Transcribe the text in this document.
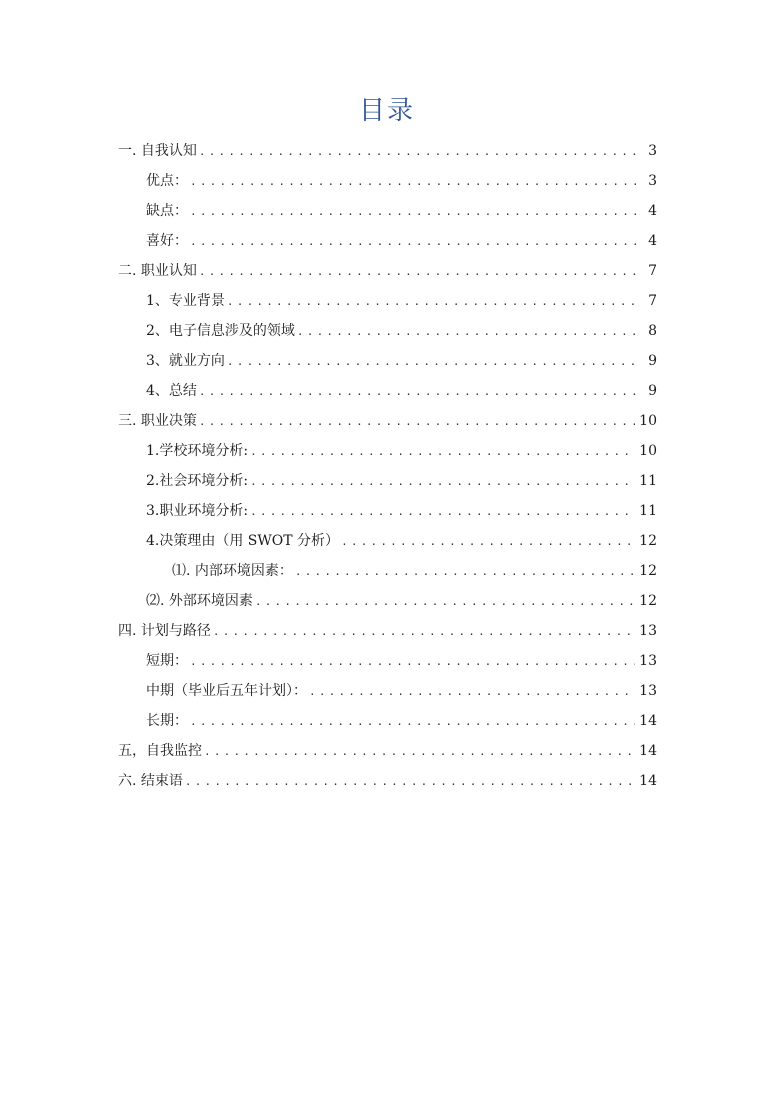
目录
一. 自我认知 .....	3
优点： .....	3
缺点： .....	4
喜好： .....	4
二. 职业认知 .....	7
1、专业背景 .....	7
2、电子信息涉及的领域 .....	8
3、就业方向 .....	9
4、总结 .....	9
三. 职业决策 .....	10
1.学校环境分析: .....	10
2.社会环境分析: .....	11
3.职业环境分析: .....	11
4.决策理由（用 SWOT 分析） .....	12
⑴. 内部环境因素： .....	12
⑵. 外部环境因素 .....	12
四. 计划与路径 .....	13
短期： .....	13
中期（毕业后五年计划）： .....	13
长期： .....	14
五，自我监控 .....	14
六. 结束语 .....	14
